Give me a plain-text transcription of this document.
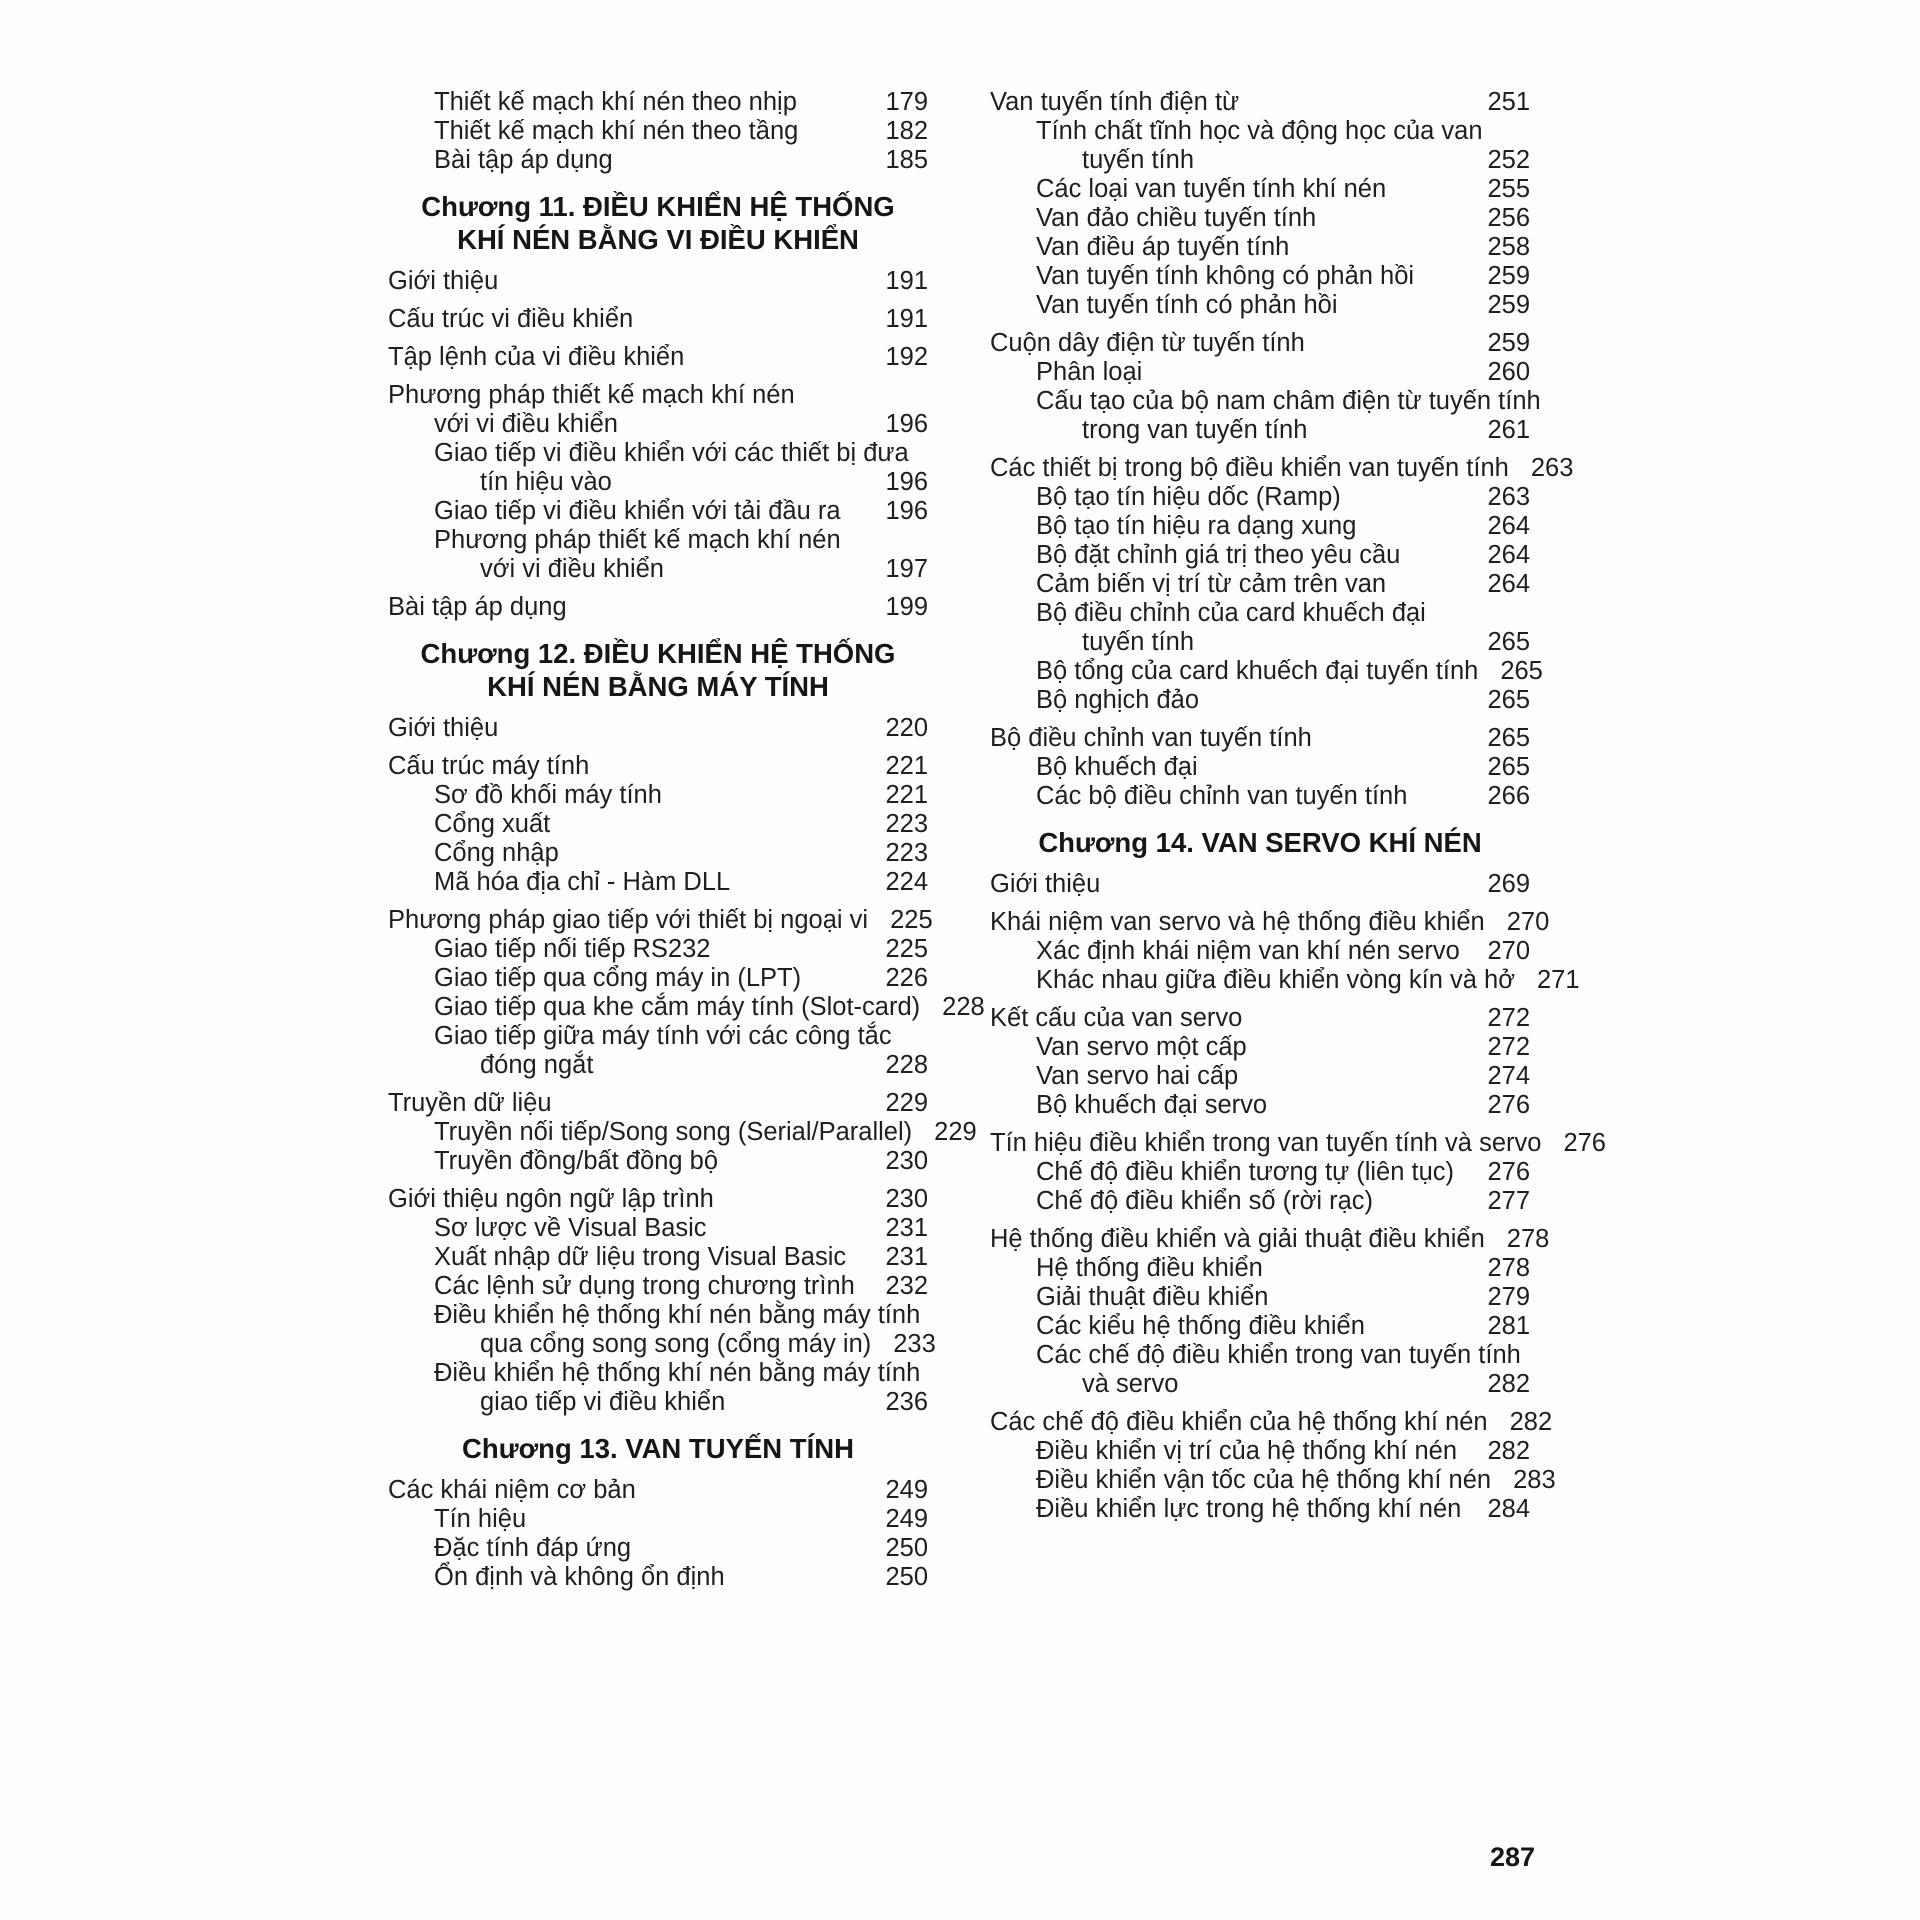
Thiết kế mạch khí nén theo nhịp	179
Thiết kế mạch khí nén theo tầng	182
Bài tập áp dụng	185
Chương 11. ĐIỀU KHIỂN HỆ THỐNG
KHÍ NÉN BẰNG VI ĐIỀU KHIỂN
Giới thiệu	191
Cấu trúc vi điều khiển	191
Tập lệnh của vi điều khiển	192
Phương pháp thiết kế mạch khí nén
với vi điều khiển	196
Giao tiếp vi điều khiển với các thiết bị đưa
tín hiệu vào	196
Giao tiếp vi điều khiển với tải đầu ra 196
Phương pháp thiết kế mạch khí nén
với vi điều khiển	197
Bài tập áp dụng	199
Chương 12. ĐIỀU KHIỂN HỆ THỐNG
KHÍ NÉN BẰNG MÁY TÍNH
Giới thiệu	220
Cấu trúc máy tính	221
Sơ đồ khối máy tính	221
Cổng xuất	223
Cổng nhập	223
Mã hóa địa chỉ - Hàm DLL	224
Phương pháp giao tiếp với thiết bị ngoại vi 225
Giao tiếp nối tiếp RS232	225
Giao tiếp qua cổng máy in (LPT)	226
Giao tiếp qua khe cắm máy tính (Slot-card) 228
Giao tiếp giữa máy tính với các công tắc
đóng ngắt	228
Truyền dữ liệu	229
Truyền nối tiếp/Song song (Serial/Parallel) 229
Truyền đồng/bất đồng bộ	230
Giới thiệu ngôn ngữ lập trình	230
Sơ lược về Visual Basic	231
Xuất nhập dữ liệu trong Visual Basic 231
Các lệnh sử dụng trong chương trình 232
Điều khiển hệ thống khí nén bằng máy tính
qua cổng song song (cổng máy in) 233
Điều khiển hệ thống khí nén bằng máy tính
giao tiếp vi điều khiển	236
Chương 13. VAN TUYẾN TÍNH
Các khái niệm cơ bản	249
Tín hiệu	249
Đặc tính đáp ứng	250
Ổn định và không ổn định	250
Van tuyến tính điện từ	251
Tính chất tĩnh học và động học của van
tuyến tính	252
Các loại van tuyến tính khí nén	255
Van đảo chiều tuyến tính	256
Van điều áp tuyến tính	258
Van tuyến tính không có phản hồi	259
Van tuyến tính có phản hồi	259
Cuộn dây điện từ tuyến tính	259
Phân loại	260
Cấu tạo của bộ nam châm điện từ tuyến tính
trong van tuyến tính	261
Các thiết bị trong bộ điều khiển van tuyến tính 263
Bộ tạo tín hiệu dốc (Ramp)	263
Bộ tạo tín hiệu ra dạng xung	264
Bộ đặt chỉnh giá trị theo yêu cầu	264
Cảm biến vị trí từ cảm trên van	264
Bộ điều chỉnh của card khuếch đại
tuyến tính	265
Bộ tổng của card khuếch đại tuyến tính 265
Bộ nghịch đảo	265
Bộ điều chỉnh van tuyến tính	265
Bộ khuếch đại	265
Các bộ điều chỉnh van tuyến tính	266
Chương 14. VAN SERVO KHÍ NÉN
Giới thiệu	269
Khái niệm van servo và hệ thống điều khiển 270
Xác định khái niệm van khí nén servo 270
Khác nhau giữa điều khiển vòng kín và hở 271
Kết cấu của van servo	272
Van servo một cấp	272
Van servo hai cấp	274
Bộ khuếch đại servo	276
Tín hiệu điều khiển trong van tuyến tính và servo 276
Chế độ điều khiển tương tự (liên tục) 276
Chế độ điều khiển số (rời rạc)	277
Hệ thống điều khiển và giải thuật điều khiển 278
Hệ thống điều khiển	278
Giải thuật điều khiển	279
Các kiểu hệ thống điều khiển	281
Các chế độ điều khiển trong van tuyến tính
và servo	282
Các chế độ điều khiển của hệ thống khí nén 282
Điều khiển vị trí của hệ thống khí nén 282
Điều khiển vận tốc của hệ thống khí nén 283
Điều khiển lực trong hệ thống khí nén 284
287
